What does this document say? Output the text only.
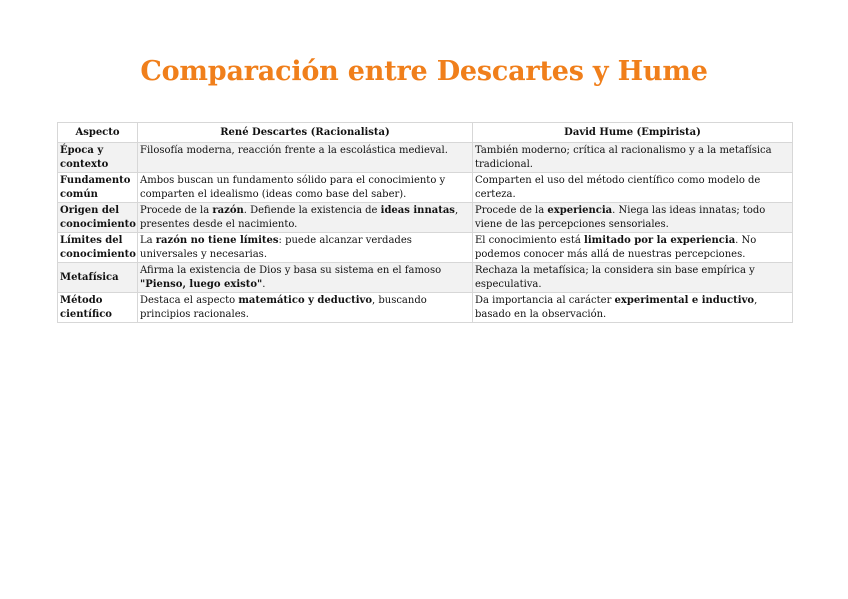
Comparación entre Descartes y Hume
Aspecto	René Descartes (Racionalista)	David Hume (Empirista)
Época y contexto	Filosofía moderna, reacción frente a la escolástica medieval.	También moderno; crítica al racionalismo y a la metafísica tradicional.
Fundamento común	Ambos buscan un fundamento sólido para el conocimiento y comparten el idealismo (ideas como base del saber).	Comparten el uso del método científico como modelo de certeza.
Origen del conocimiento	Procede de la razón. Defiende la existencia de ideas innatas, presentes desde el nacimiento.	Procede de la experiencia. Niega las ideas innatas; todo viene de las percepciones sensoriales.
Límites del conocimiento	La razón no tiene límites: puede alcanzar verdades universales y necesarias.	El conocimiento está limitado por la experiencia. No podemos conocer más allá de nuestras percepciones.
Metafísica	Afirma la existencia de Dios y basa su sistema en el famoso "Pienso, luego existo".	Rechaza la metafísica; la considera sin base empírica y especulativa.
Método científico	Destaca el aspecto matemático y deductivo, buscando principios racionales.	Da importancia al carácter experimental e inductivo, basado en la observación.
